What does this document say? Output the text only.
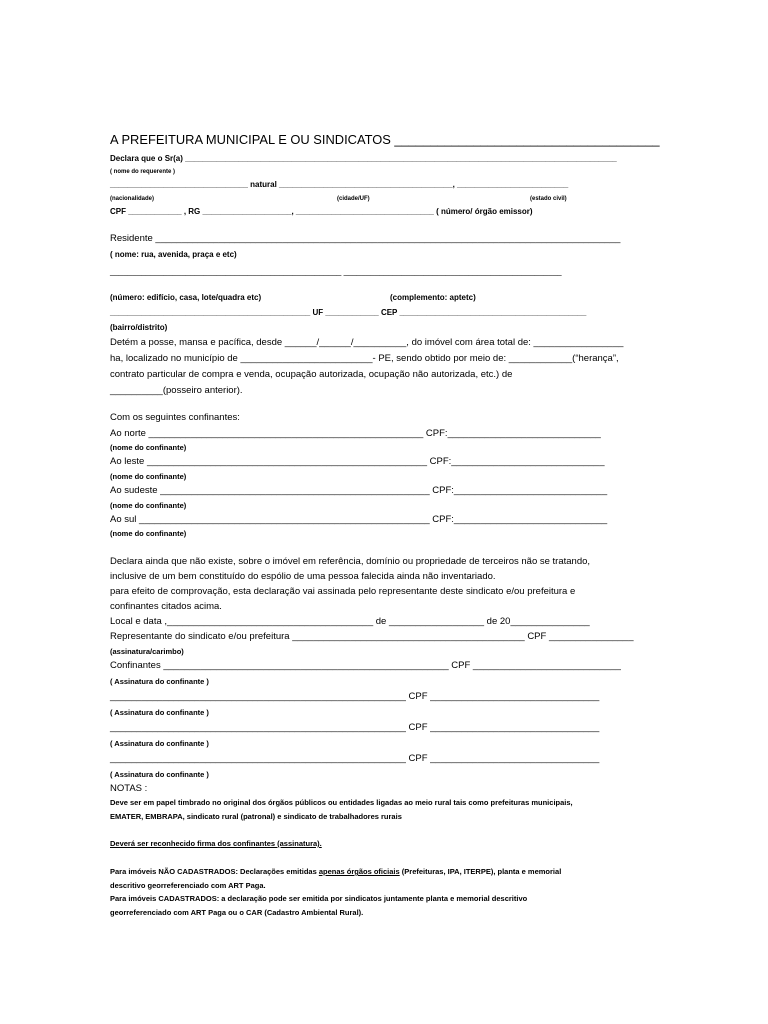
A PREFEITURA MUNICIPAL E OU SINDICATOS _____________________________________
Declara que o Sr(a) _________________________________________________________________________________________________
( nome do requerente )
_______________________________ natural _______________________________________, _________________________
(nacionalidade)	(cidade/UF)	(estado civil)
CPF ____________ , RG ____________________, _______________________________ ( número/ órgão emissor)
Residente ________________________________________________________________________________________
( nome: rua, avenida, praça e etc)
____________________________________________________ _________________________________________________
(número: edifício, casa, lote/quadra etc)	(complemento: aptetc)
_____________________________________________ UF ____________ CEP __________________________________________
(bairro/distrito)
Detém a posse, mansa e pacífica, desde ______/______/__________, do imóvel com área total de: _________________
ha, localizado no município de _________________________- PE, sendo obtido por meio de: ____________(“herança”,
contrato particular de compra e venda, ocupação autorizada, ocupação não autorizada, etc.) de
__________(posseiro anterior).
Com os seguintes confinantes:
Ao norte ____________________________________________________ CPF:_____________________________
(nome do confinante)
Ao leste _____________________________________________________ CPF:_____________________________
(nome do confinante)
Ao sudeste ___________________________________________________ CPF:_____________________________
(nome do confinante)
Ao sul _______________________________________________________ CPF:_____________________________
(nome do confinante)
Declara ainda que não existe, sobre o imóvel em referência, domínio ou propriedade de terceiros não se tratando,
inclusive de um bem constituído do espólio de uma pessoa falecida ainda não inventariado.
para efeito de comprovação, esta declaração vai assinada pelo representante deste sindicato e/ou prefeitura e
confinantes citados acima.
Local e data ,_______________________________________ de __________________ de 20_______________
Representante do sindicato e/ou prefeitura ____________________________________________ CPF ________________
(assinatura/carimbo)
Confinantes ______________________________________________________ CPF ____________________________
( Assinatura do confinante )
________________________________________________________ CPF ________________________________
( Assinatura do confinante )
________________________________________________________ CPF ________________________________
( Assinatura do confinante )
________________________________________________________ CPF ________________________________
( Assinatura do confinante )
NOTAS :
Deve ser em papel timbrado no original dos órgãos públicos ou entidades ligadas ao meio rural tais como prefeituras municipais,
EMATER, EMBRAPA, sindicato rural (patronal) e sindicato de trabalhadores rurais
Deverá ser reconhecido firma dos confinantes (assinatura).
Para imóveis NÃO CADASTRADOS: Declarações emitidas apenas órgãos oficiais (Prefeituras, IPA, ITERPE), planta e memorial
descritivo georreferenciado com ART Paga.
Para imóveis CADASTRADOS: a declaração pode ser emitida por sindicatos juntamente planta e memorial descritivo
georreferenciado com ART Paga ou o CAR (Cadastro Ambiental Rural).
